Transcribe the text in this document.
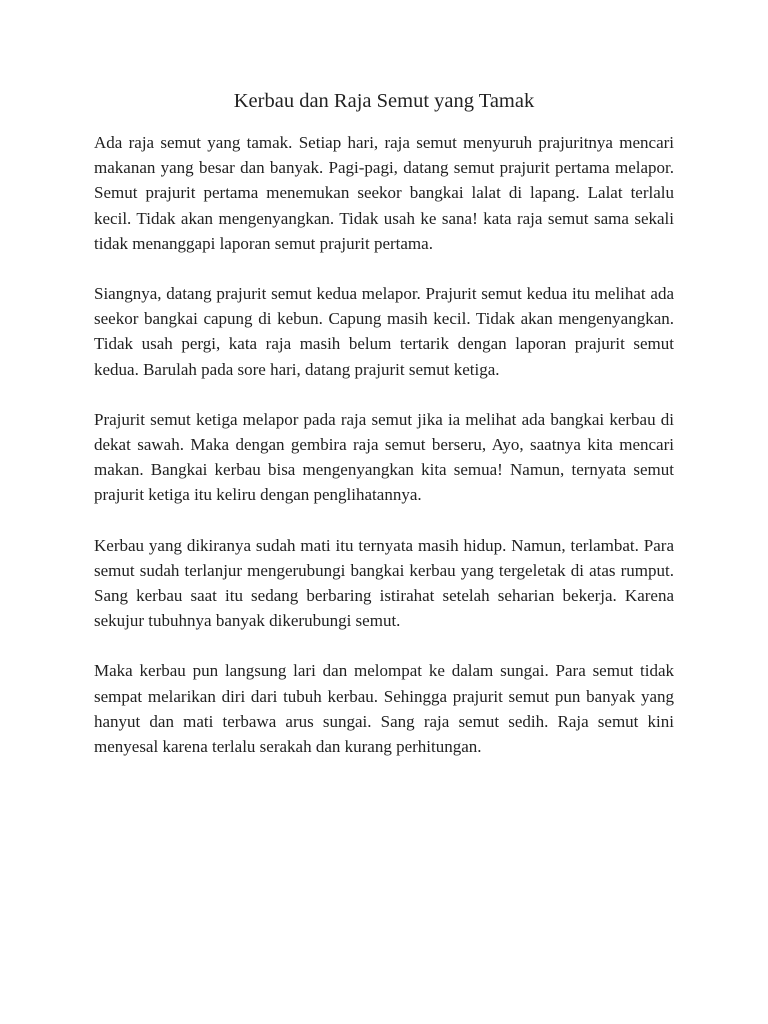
Kerbau dan Raja Semut yang Tamak

Ada raja semut yang tamak. Setiap hari, raja semut menyuruh prajuritnya mencari makanan yang besar dan banyak. Pagi-pagi, datang semut prajurit pertama melapor. Semut prajurit pertama menemukan seekor bangkai lalat di lapang. Lalat terlalu kecil. Tidak akan mengenyangkan. Tidak usah ke sana! kata raja semut sama sekali tidak menanggapi laporan semut prajurit pertama.

Siangnya, datang prajurit semut kedua melapor. Prajurit semut kedua itu melihat ada seekor bangkai capung di kebun. Capung masih kecil. Tidak akan mengenyangkan. Tidak usah pergi, kata raja masih belum tertarik dengan laporan prajurit semut kedua. Barulah pada sore hari, datang prajurit semut ketiga.

Prajurit semut ketiga melapor pada raja semut jika ia melihat ada bangkai kerbau di dekat sawah. Maka dengan gembira raja semut berseru, Ayo, saatnya kita mencari makan. Bangkai kerbau bisa mengenyangkan kita semua! Namun, ternyata semut prajurit ketiga itu keliru dengan penglihatannya.

Kerbau yang dikiranya sudah mati itu ternyata masih hidup. Namun, terlambat. Para semut sudah terlanjur mengerubungi bangkai kerbau yang tergeletak di atas rumput. Sang kerbau saat itu sedang berbaring istirahat setelah seharian bekerja. Karena sekujur tubuhnya banyak dikerubungi semut.

Maka kerbau pun langsung lari dan melompat ke dalam sungai. Para semut tidak sempat melarikan diri dari tubuh kerbau. Sehingga prajurit semut pun banyak yang hanyut dan mati terbawa arus sungai. Sang raja semut sedih. Raja semut kini menyesal karena terlalu serakah dan kurang perhitungan.
